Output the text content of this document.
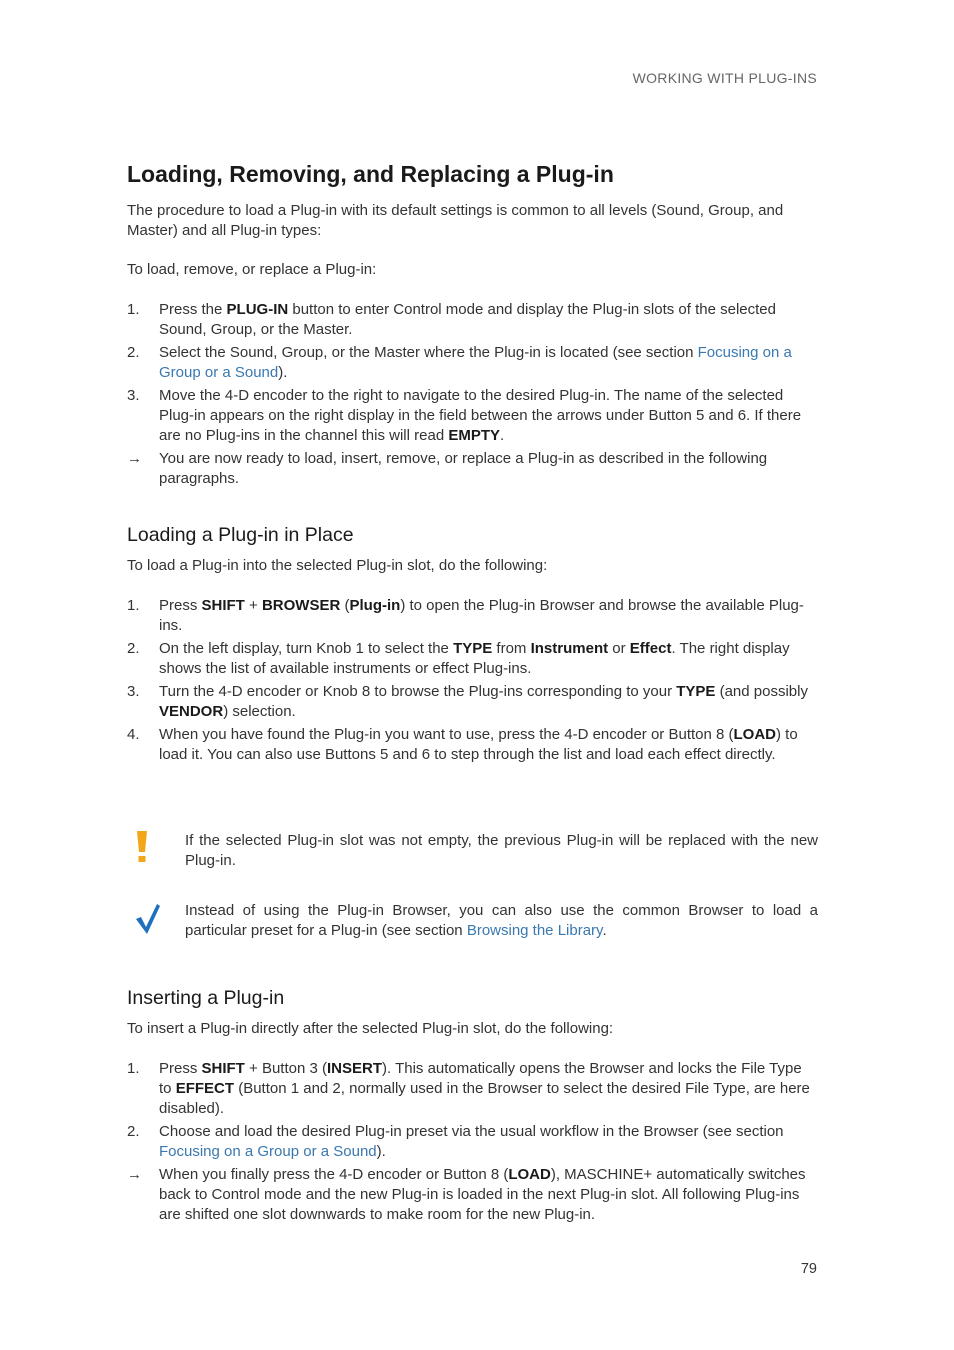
WORKING WITH PLUG-INS
Loading, Removing, and Replacing a Plug-in

The procedure to load a Plug-in with its default settings is common to all levels (Sound, Group, and Master) and all Plug-in types:

To load, remove, or replace a Plug-in:

1. Press the PLUG-IN button to enter Control mode and display the Plug-in slots of the selected Sound, Group, or the Master.
2. Select the Sound, Group, or the Master where the Plug-in is located (see section Focusing on a Group or a Sound).
3. Move the 4-D encoder to the right to navigate to the desired Plug-in. The name of the selected Plug-in appears on the right display in the field between the arrows under Button 5 and 6. If there are no Plug-ins in the channel this will read EMPTY.
→ You are now ready to load, insert, remove, or replace a Plug-in as described in the following paragraphs.
Loading a Plug-in in Place

To load a Plug-in into the selected Plug-in slot, do the following:

1. Press SHIFT + BROWSER (Plug-in) to open the Plug-in Browser and browse the available Plug-ins.
2. On the left display, turn Knob 1 to select the TYPE from Instrument or Effect. The right display shows the list of available instruments or effect Plug-ins.
3. Turn the 4-D encoder or Knob 8 to browse the Plug-ins corresponding to your TYPE (and possibly VENDOR) selection.
4. When you have found the Plug-in you want to use, press the 4-D encoder or Button 8 (LOAD) to load it. You can also use Buttons 5 and 6 to step through the list and load each effect directly.

If the selected Plug-in slot was not empty, the previous Plug-in will be replaced with the new Plug-in.

Instead of using the Plug-in Browser, you can also use the common Browser to load a particular preset for a Plug-in (see section Browsing the Library.

Inserting a Plug-in

To insert a Plug-in directly after the selected Plug-in slot, do the following:

1. Press SHIFT + Button 3 (INSERT). This automatically opens the Browser and locks the File Type to EFFECT (Button 1 and 2, normally used in the Browser to select the desired File Type, are here disabled).
2. Choose and load the desired Plug-in preset via the usual workflow in the Browser (see section Focusing on a Group or a Sound).
→ When you finally press the 4-D encoder or Button 8 (LOAD), MASCHINE+ automatically switches back to Control mode and the new Plug-in is loaded in the next Plug-in slot. All following Plug-ins are shifted one slot downwards to make room for the new Plug-in.
79
